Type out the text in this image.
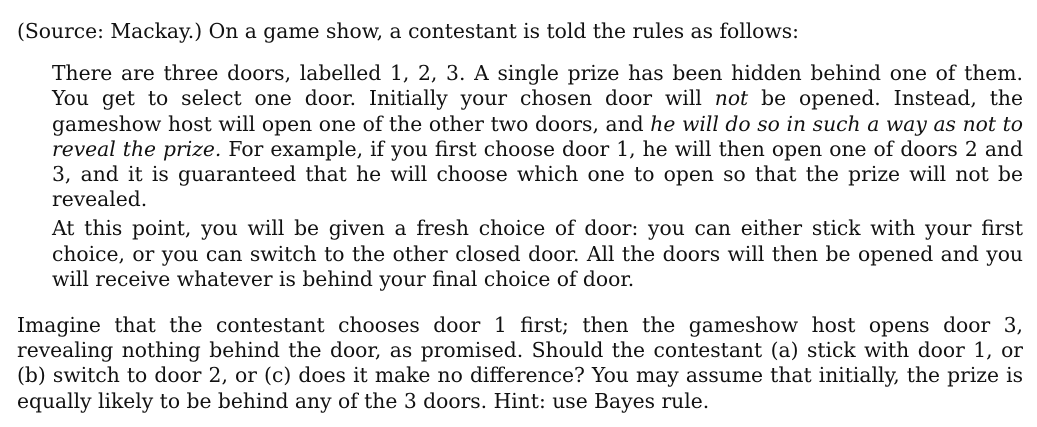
(Source: Mackay.) On a game show, a contestant is told the rules as follows:

There are three doors, labelled 1, 2, 3. A single prize has been hidden behind one of them. You get to select one door. Initially your chosen door will not be opened. Instead, the gameshow host will open one of the other two doors, and he will do so in such a way as not to reveal the prize. For example, if you first choose door 1, he will then open one of doors 2 and 3, and it is guaranteed that he will choose which one to open so that the prize will not be revealed.

At this point, you will be given a fresh choice of door: you can either stick with your first choice, or you can switch to the other closed door. All the doors will then be opened and you will receive whatever is behind your final choice of door.

Imagine that the contestant chooses door 1 first; then the gameshow host opens door 3, revealing nothing behind the door, as promised. Should the contestant (a) stick with door 1, or (b) switch to door 2, or (c) does it make no difference? You may assume that initially, the prize is equally likely to be behind any of the 3 doors. Hint: use Bayes rule.
